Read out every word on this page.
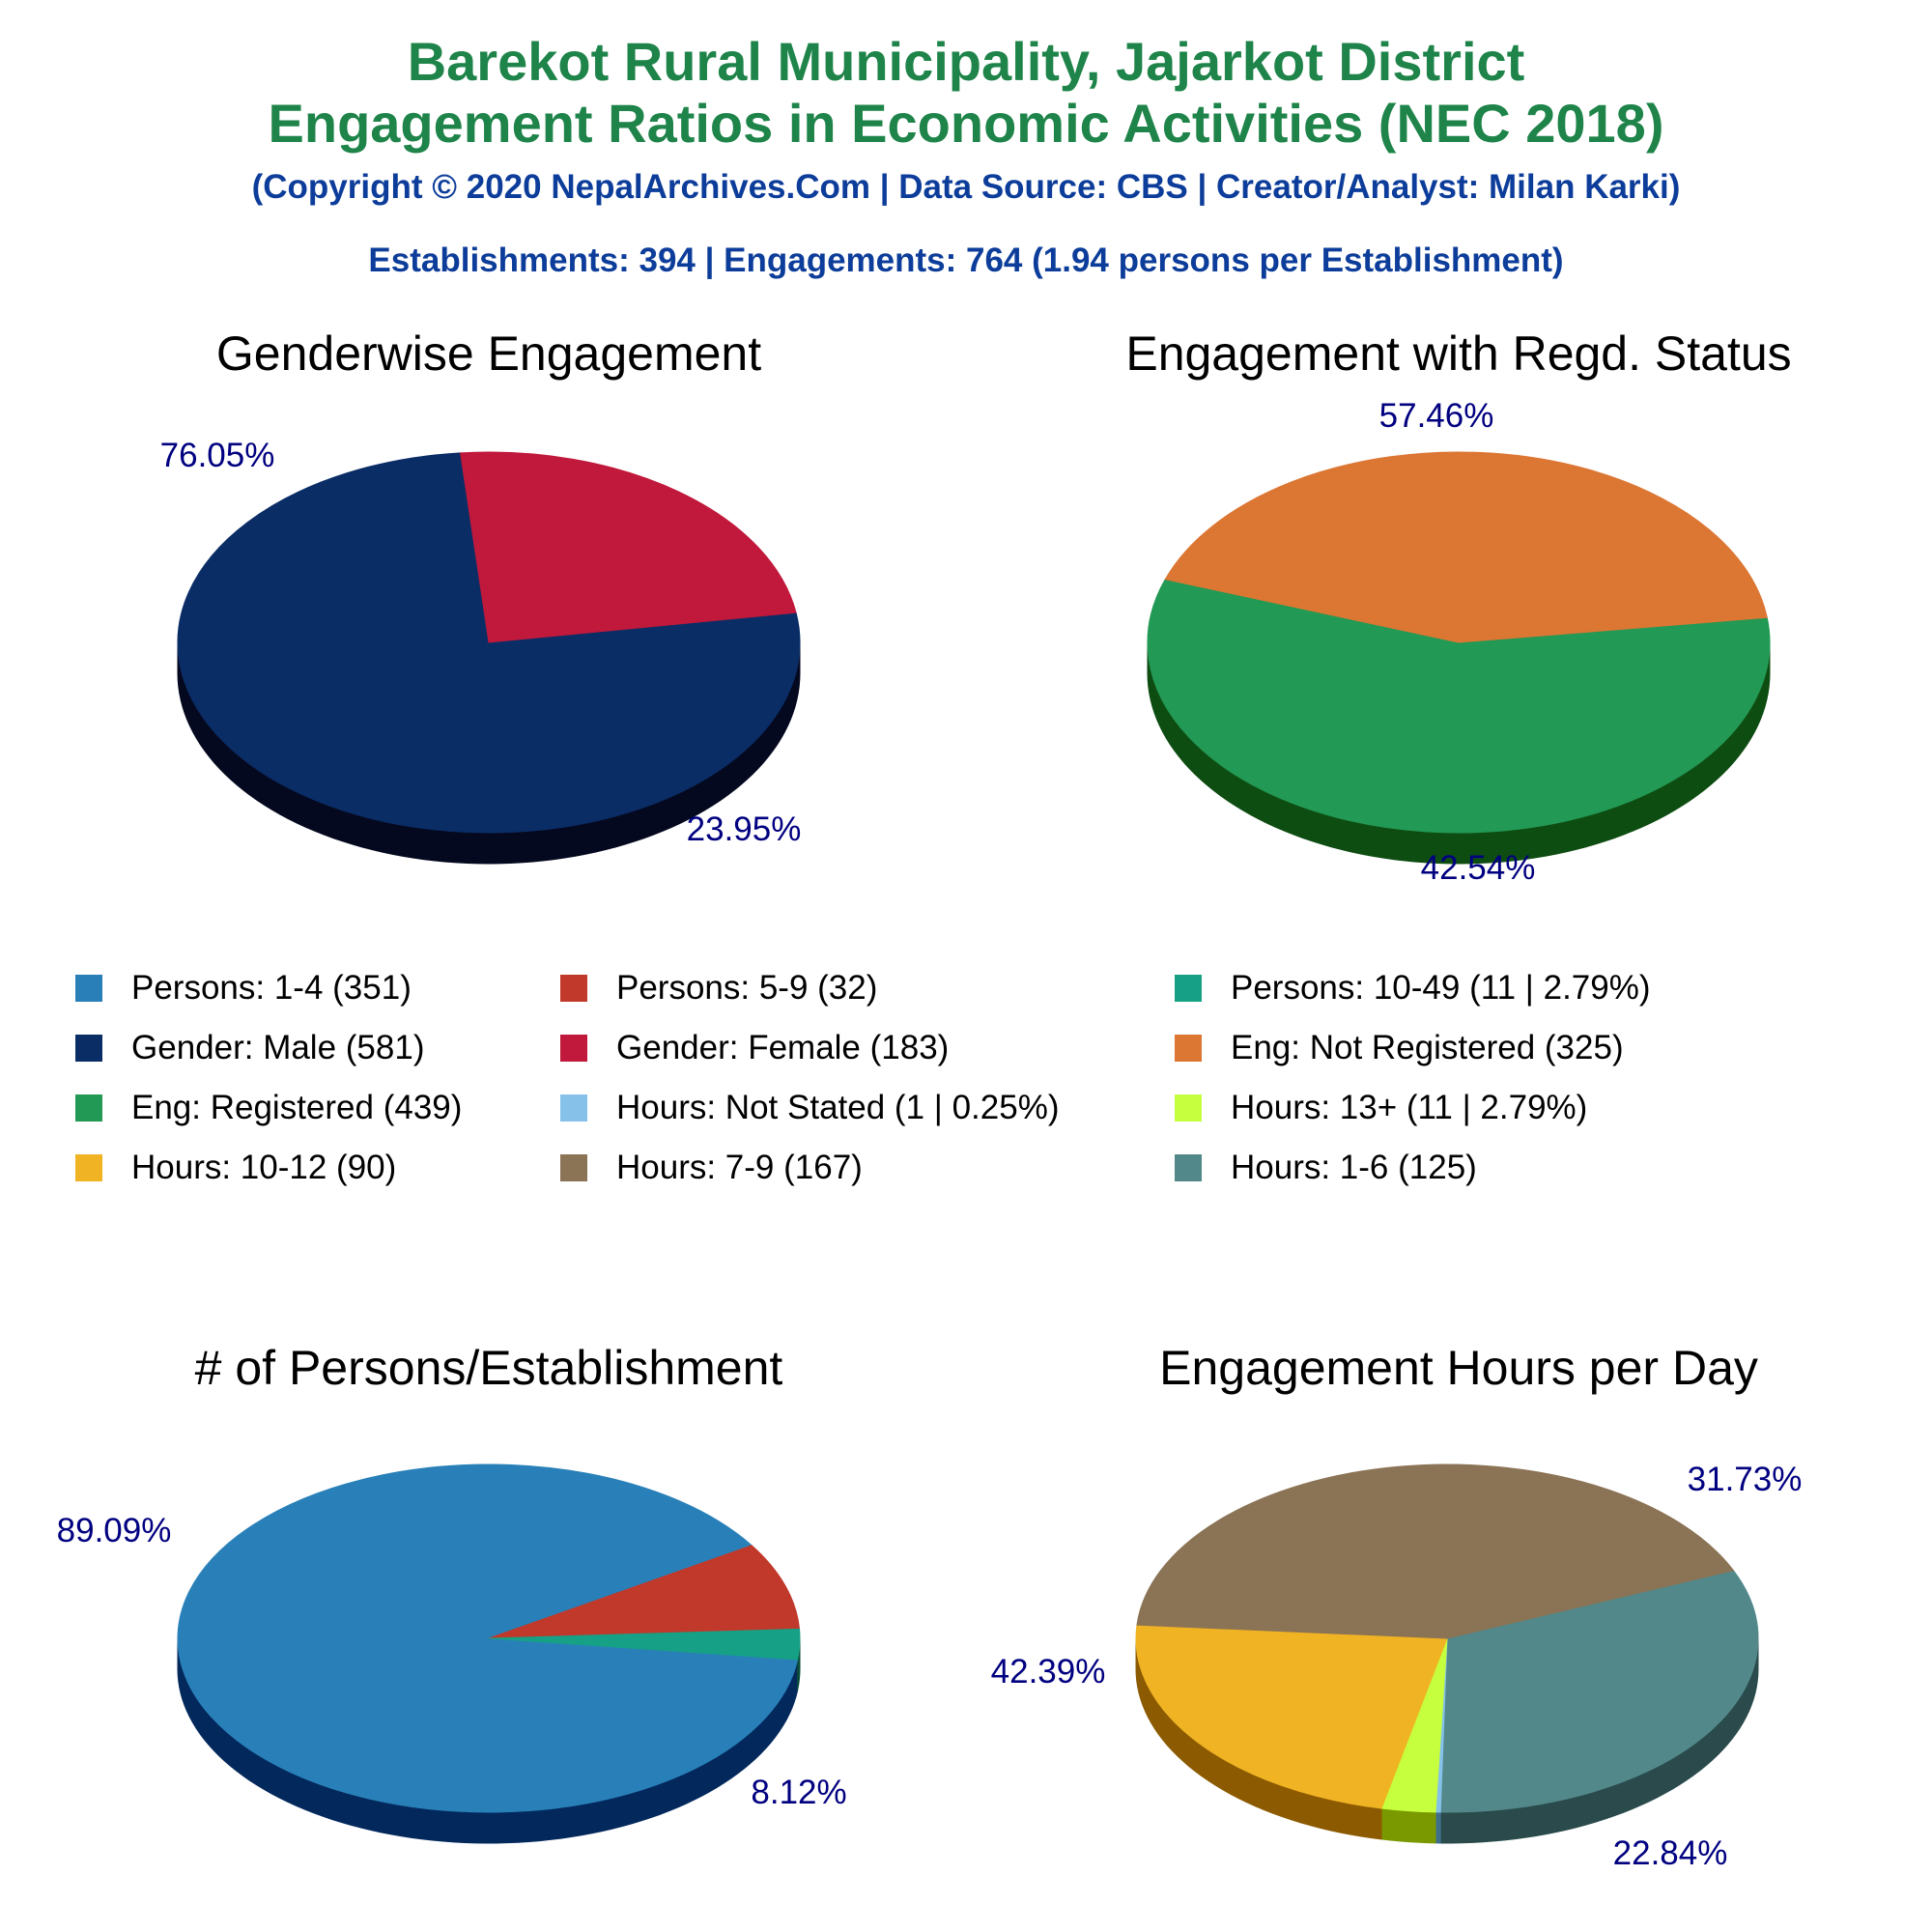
Barekot Rural Municipality, Jajarkot District
Engagement Ratios in Economic Activities (NEC 2018)
(Copyright © 2020 NepalArchives.Com | Data Source: CBS | Creator/Analyst: Milan Karki)
Establishments: 394 | Engagements: 764 (1.94 persons per Establishment)
Genderwise Engagement
76.05%
23.95%
Engagement with Regd. Status
57.46%
42.54%
# of Persons/Establishment
89.09%
8.12%
Engagement Hours per Day
31.73%
22.84%
42.39%
Persons: 1-4 (351)	Persons: 5-9 (32)	Persons: 10-49 (11 | 2.79%)
Gender: Male (581)	Gender: Female (183)	Eng: Not Registered (325)
Eng: Registered (439)	Hours: Not Stated (1 | 0.25%)	Hours: 13+ (11 | 2.79%)
Hours: 10-12 (90)	Hours: 7-9 (167)	Hours: 1-6 (125)
